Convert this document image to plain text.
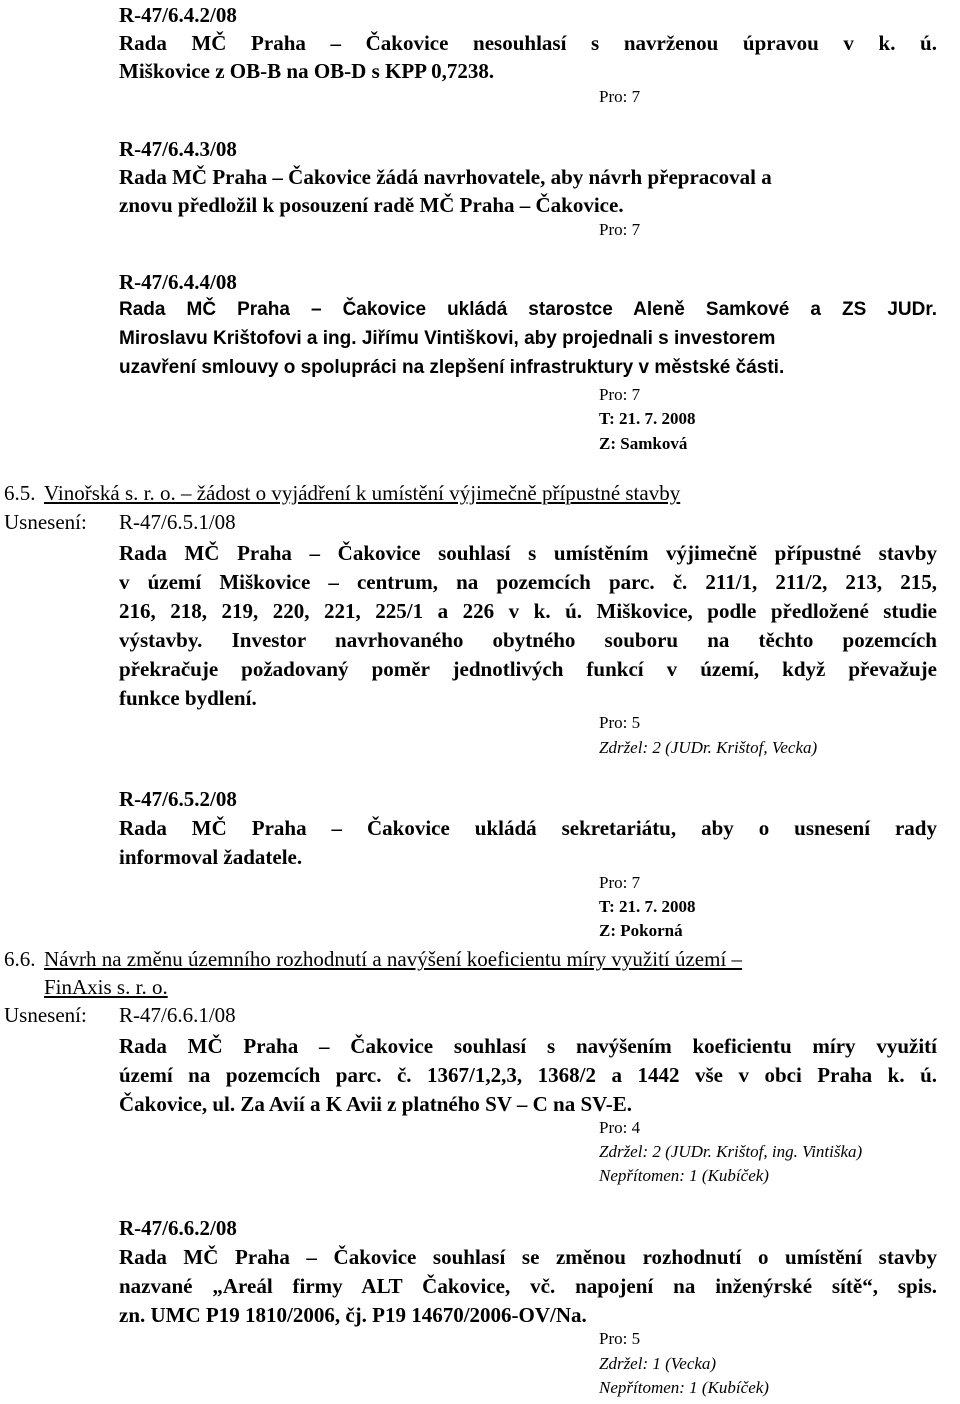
R-47/6.4.2/08
Rada MČ Praha – Čakovice nesouhlasí s navrženou úpravou v k. ú.
Miškovice z OB-B na OB-D s KPP 0,7238.
Pro: 7
R-47/6.4.3/08
Rada MČ Praha – Čakovice žádá navrhovatele, aby návrh přepracoval a
znovu předložil k posouzení radě MČ Praha – Čakovice.
Pro: 7
R-47/6.4.4/08
Rada MČ Praha – Čakovice ukládá starostce Aleně Samkové a ZS JUDr.
Miroslavu Krištofovi a ing. Jiřímu Vintiškovi, aby projednali s investorem
uzavření smlouvy o spolupráci na zlepšení infrastruktury v městské části.
Pro: 7
T: 21. 7. 2008
Z: Samková
6.5. Vinořská s. r. o. – žádost o vyjádření k umístění výjimečně přípustné stavby
Usnesení: R-47/6.5.1/08
Rada MČ Praha – Čakovice souhlasí s umístěním výjimečně přípustné stavby
v území Miškovice – centrum, na pozemcích parc. č. 211/1, 211/2, 213, 215,
216, 218, 219, 220, 221, 225/1 a 226 v k. ú. Miškovice, podle předložené studie
výstavby. Investor navrhovaného obytného souboru na těchto pozemcích
překračuje požadovaný poměr jednotlivých funkcí v území, když převažuje
funkce bydlení.
Pro: 5
Zdržel: 2 (JUDr. Krištof, Vecka)
R-47/6.5.2/08
Rada MČ Praha – Čakovice ukládá sekretariátu, aby o usnesení rady
informoval žadatele.
Pro: 7
T: 21. 7. 2008
Z: Pokorná
6.6. Návrh na změnu územního rozhodnutí a navýšení koeficientu míry využití území –
FinAxis s. r. o.
Usnesení: R-47/6.6.1/08
Rada MČ Praha – Čakovice souhlasí s navýšením koeficientu míry využití
území na pozemcích parc. č. 1367/1,2,3, 1368/2 a 1442 vše v obci Praha k. ú.
Čakovice, ul. Za Avií a K Avii z platného SV – C na SV-E.
Pro: 4
Zdržel: 2 (JUDr. Krištof, ing. Vintiška)
Nepřítomen: 1 (Kubíček)
R-47/6.6.2/08
Rada MČ Praha – Čakovice souhlasí se změnou rozhodnutí o umístění stavby
nazvané „Areál firmy ALT Čakovice, vč. napojení na inženýrské sítě“, spis.
zn. UMC P19 1810/2006, čj. P19 14670/2006-OV/Na.
Pro: 5
Zdržel: 1 (Vecka)
Nepřítomen: 1 (Kubíček)
